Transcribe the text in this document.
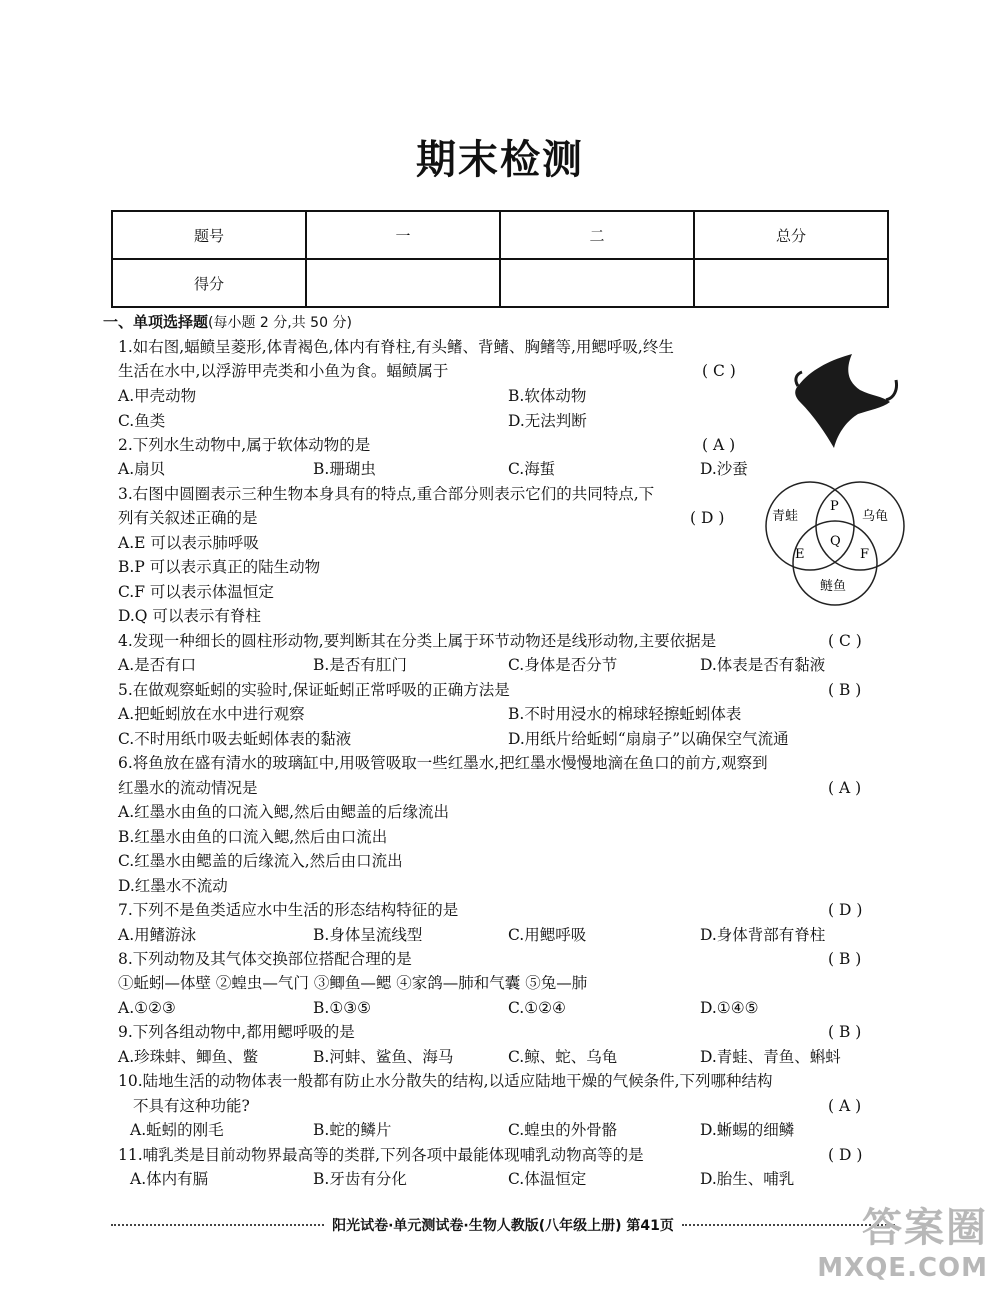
期末检测
题号	一	二	总分
得分			
一、单项选择题(每小题 2 分,共 50 分)
1.如右图,蝠鲼呈菱形,体青褐色,体内有脊柱,有头鳍、背鳍、胸鳍等,用鳃呼吸,终生
生活在水中,以浮游甲壳类和小鱼为食。蝠鲼属于	( C )
A.甲壳动物	B.软体动物
C.鱼类	D.无法判断
2.下列水生动物中,属于软体动物的是	( A )
A.扇贝	B.珊瑚虫	C.海蜇	D.沙蚕
3.右图中圆圈表示三种生物本身具有的特点,重合部分则表示它们的共同特点,下
列有关叙述正确的是	( D )
A.E 可以表示肺呼吸
B.P 可以表示真正的陆生动物
C.F 可以表示体温恒定
D.Q 可以表示有脊柱
青蛙	乌龟
鲢鱼
P
Q
E	F
4.发现一种细长的圆柱形动物,要判断其在分类上属于环节动物还是线形动物,主要依据是	( C )
A.是否有口	B.是否有肛门	C.身体是否分节	D.体表是否有黏液
5.在做观察蚯蚓的实验时,保证蚯蚓正常呼吸的正确方法是	( B )
A.把蚯蚓放在水中进行观察	B.不时用浸水的棉球轻擦蚯蚓体表
C.不时用纸巾吸去蚯蚓体表的黏液	D.用纸片给蚯蚓“扇扇子”以确保空气流通
6.将鱼放在盛有清水的玻璃缸中,用吸管吸取一些红墨水,把红墨水慢慢地滴在鱼口的前方,观察到
红墨水的流动情况是	( A )
A.红墨水由鱼的口流入鳃,然后由鳃盖的后缘流出
B.红墨水由鱼的口流入鳃,然后由口流出
C.红墨水由鳃盖的后缘流入,然后由口流出
D.红墨水不流动
7.下列不是鱼类适应水中生活的形态结构特征的是	( D )
A.用鳍游泳	B.身体呈流线型	C.用鳃呼吸	D.身体背部有脊柱
8.下列动物及其气体交换部位搭配合理的是	( B )
①蚯蚓—体壁 ②蝗虫—气门 ③鲫鱼—鳃 ④家鸽—肺和气囊 ⑤兔—肺
A.①②③	B.①③⑤	C.①②④	D.①④⑤
9.下列各组动物中,都用鳃呼吸的是	( B )
A.珍珠蚌、鲫鱼、鳖	B.河蚌、鲨鱼、海马	C.鲸、蛇、乌龟	D.青蛙、青鱼、蝌蚪
10.陆地生活的动物体表一般都有防止水分散失的结构,以适应陆地干燥的气候条件,下列哪种结构
不具有这种功能?	( A )
A.蚯蚓的刚毛	B.蛇的鳞片	C.蝗虫的外骨骼	D.蜥蜴的细鳞
11.哺乳类是目前动物界最高等的类群,下列各项中最能体现哺乳动物高等的是	( D )
A.体内有膈	B.牙齿有分化	C.体温恒定	D.胎生、哺乳
阳光试卷·单元测试卷·生物人教版(八年级上册) 第41页	答案圈
MXQE.COM
